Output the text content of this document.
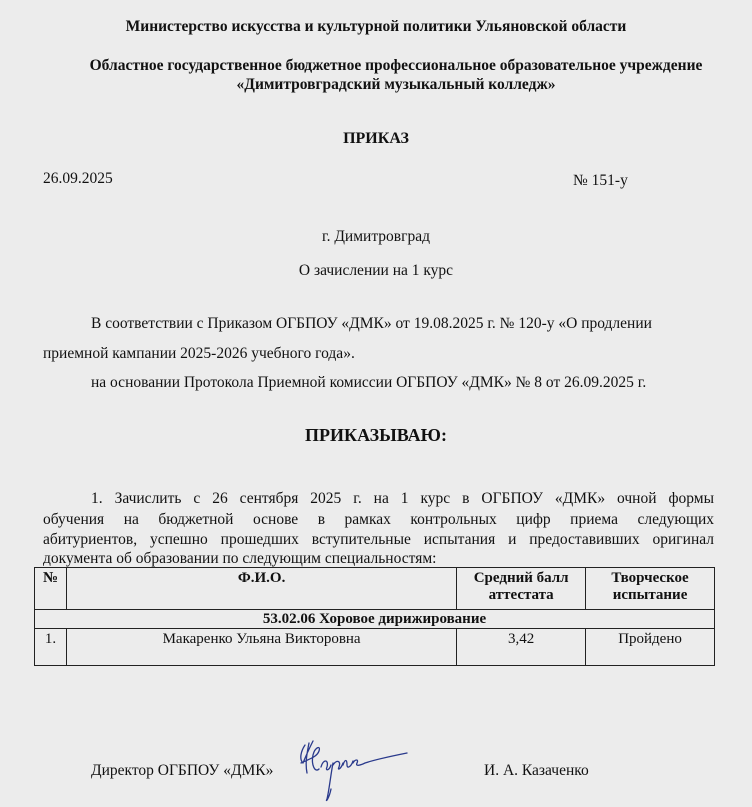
Министерство искусства и культурной политики Ульяновской области
Областное государственное бюджетное профессиональное образовательное учреждение
«Димитровградский музыкальный колледж»
ПРИКАЗ
26.09.2025	№ 151-у
г. Димитровград
О зачислении на 1 курс
В соответствии с Приказом ОГБПОУ «ДМК» от 19.08.2025 г. № 120-у «О продлении
приемной кампании 2025-2026 учебного года».
на основании Протокола Приемной комиссии ОГБПОУ «ДМК» № 8 от 26.09.2025 г.
ПРИКАЗЫВАЮ:
1. Зачислить с 26 сентября 2025 г. на 1 курс в ОГБПОУ «ДМК» очной формы
обучения на бюджетной основе в рамках контрольных цифр приема следующих
абитуриентов, успешно прошедших вступительные испытания и предоставивших оригинал
документа об образовании по следующим специальностям:
№	Ф.И.О.	Средний балл аттестата	Творческое испытание
53.02.06 Хоровое дирижирование			
1.	Макаренко Ульяна Викторовна	3,42	Пройдено
Директор ОГБПОУ «ДМК»	И. А. Казаченко
